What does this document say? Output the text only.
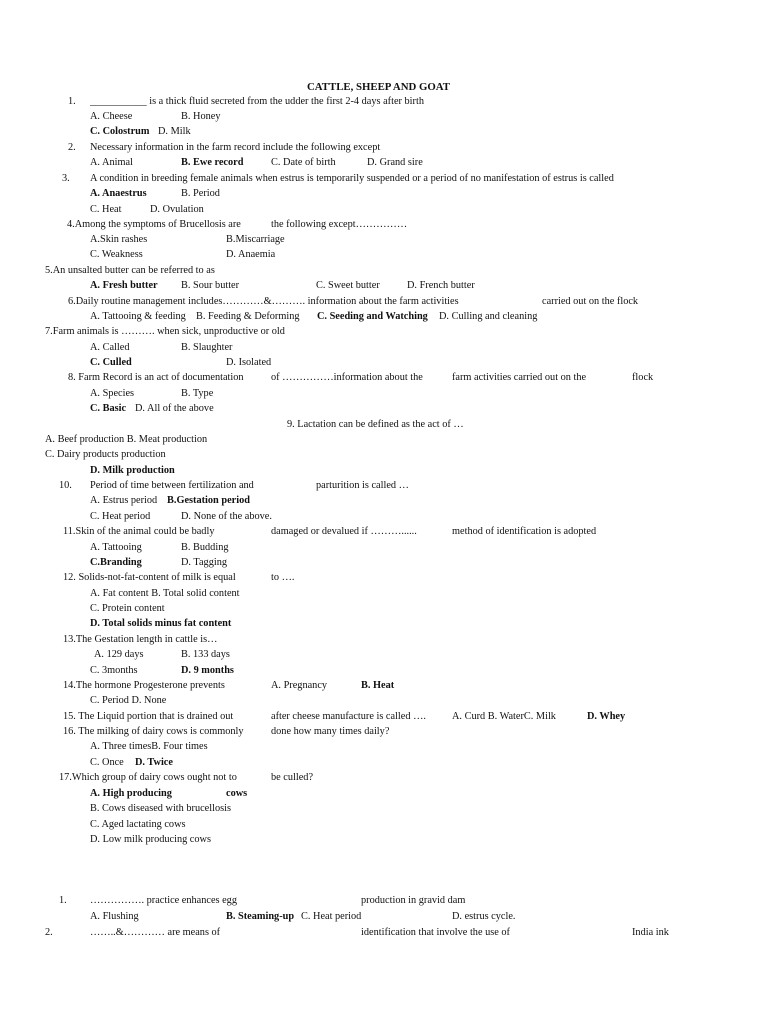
CATTLE, SHEEP AND GOAT
1. ___________ is a thick fluid secreted from the udder the first 2-4 days after birth
A. Cheese	B. Honey
C. Colostrum D. Milk
2. Necessary information in the farm record include the following except
A. Animal	B. Ewe record	C. Date of birth	D. Grand sire
3. A condition in breeding female animals when estrus is temporarily suspended or a period of no manifestation of estrus is called
A. Anaestrus	B. Period
C. Heat	D. Ovulation
4.Among the symptoms of Brucellosis are	the following except……………
A.Skin rashes	B.Miscarriage
C. Weakness	D. Anaemia
5.An unsalted butter can be referred to as
A. Fresh butter B. Sour butter	C. Sweet butter	D. French butter
6.Daily routine management includes…………&………. information about the farm activities	carried out on the flock
A. Tattooing & feeding B. Feeding & Deforming C. Seeding and Watching D. Culling and cleaning
7.Farm animals is ………. when sick, unproductive or old
A. Called	B. Slaughter
C. Culled	D. Isolated
8. Farm Record is an act of documentation	of ……………information about the	farm activities carried out on the	flock
A. Species	B. Type
C. Basic D. All of the above
9. Lactation can be defined as the act of …
A. Beef production B. Meat production
C. Dairy products production
D. Milk production
10. Period of time between fertilization and	parturition is called …
A. Estrus period B.Gestation period
C. Heat period	D. None of the above.
11.Skin of the animal could be badly	damaged or devalued if ………......	method of identification is adopted
A. Tattooing	B. Budding
C.Branding	D. Tagging
12. Solids-not-fat-content of milk is equal	to ….
A. Fat content B. Total solid content
C. Protein content
D. Total solids minus fat content
13.The Gestation length in cattle is…
A. 129 days	B. 133 days
C. 3months	D. 9 months
14.The hormone Progesterone prevents	A. Pregnancy	B. Heat
C. Period D. None
15. The Liquid portion that is drained out	after cheese manufacture is called ….	A. Curd B. WaterC. Milk	D. Whey
16. The milking of dairy cows is commonly	done how many times daily?
A. Three timesB. Four times
C. Once D. Twice
17.Which group of dairy cows ought not to	be culled?
A. High producing	cows
B. Cows diseased with brucellosis
C. Aged lactating cows
D. Low milk producing cows
1. ……………. practice enhances egg	production in gravid dam
A. Flushing	B. Steaming-up C. Heat period	D. estrus cycle.
2.	……..&………… are means of	identification that involve the use of	India ink
